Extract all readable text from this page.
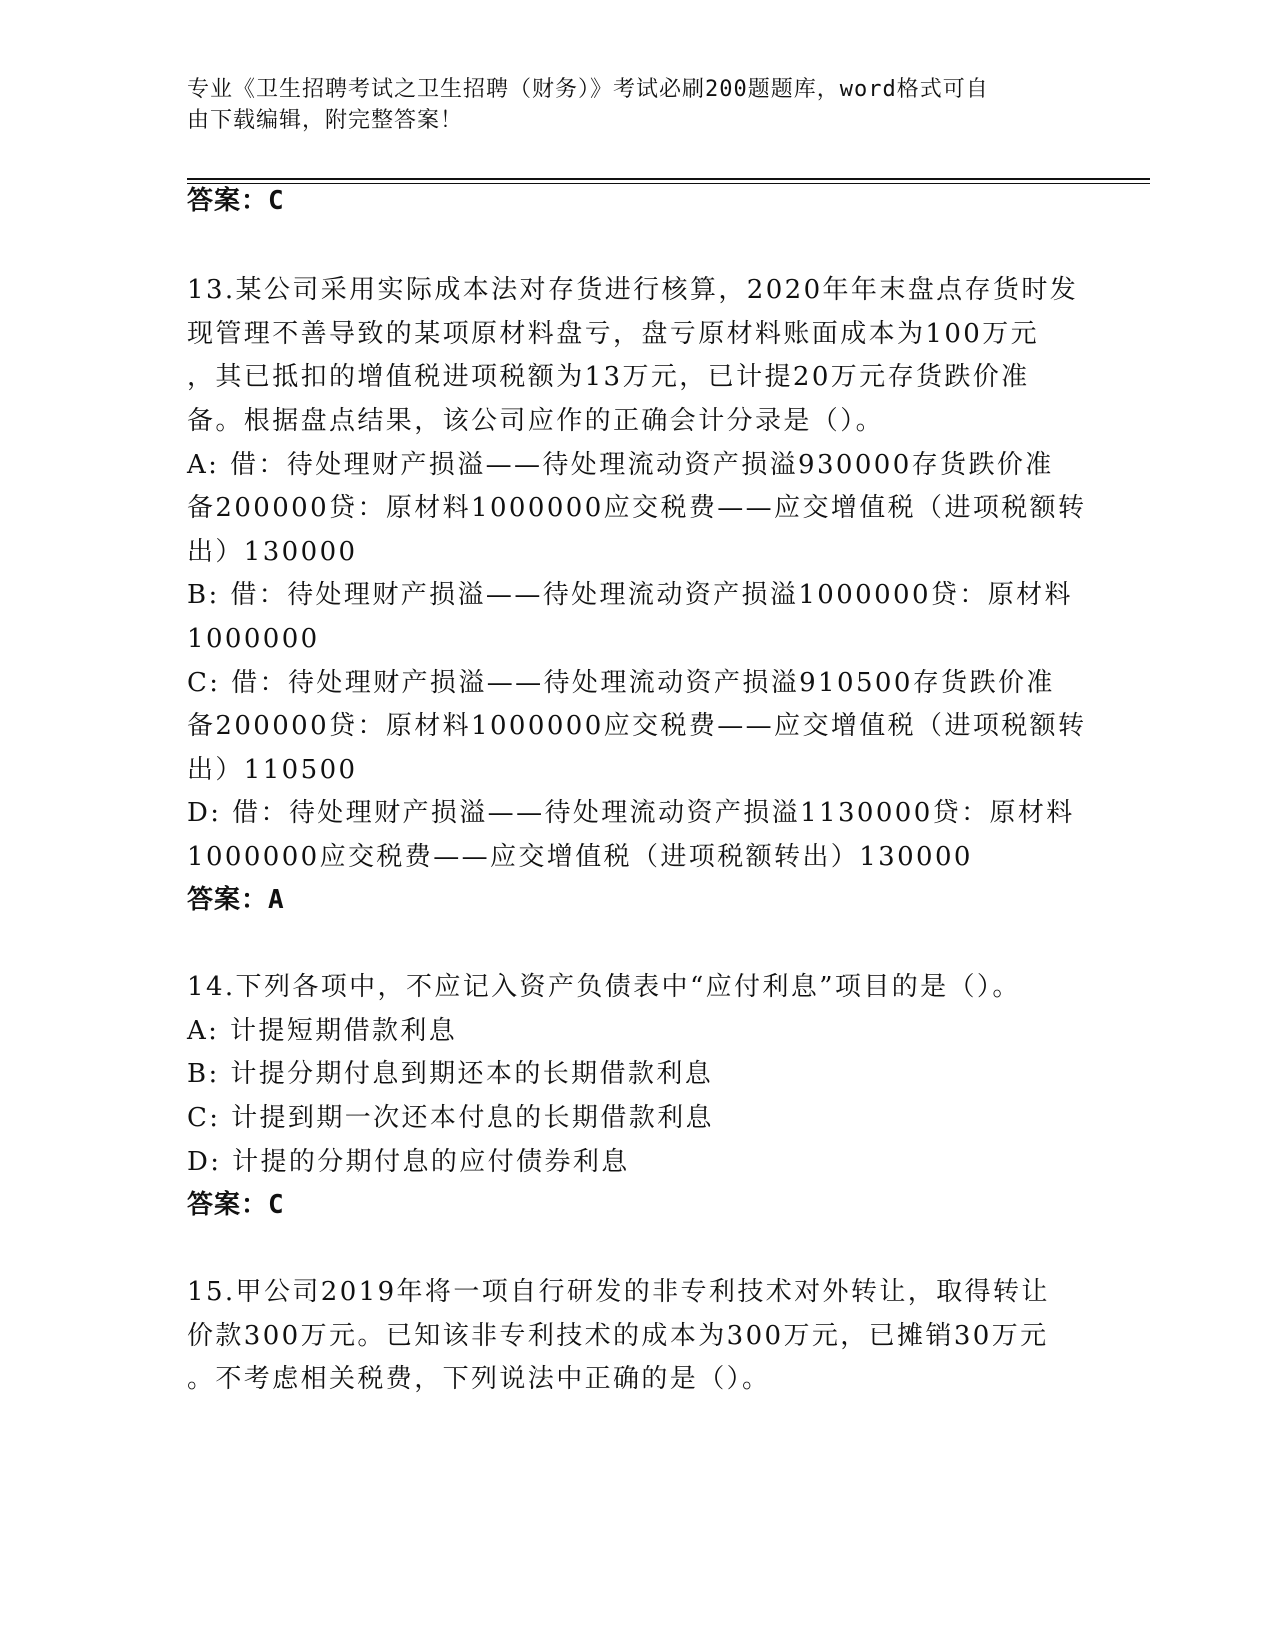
专业《卫生招聘考试之卫生招聘（财务）》考试必刷200题题库，word格式可自
由下载编辑，附完整答案！
答案：C
13.某公司采用实际成本法对存货进行核算，2020年年末盘点存货时发
现管理不善导致的某项原材料盘亏，盘亏原材料账面成本为100万元
，其已抵扣的增值税进项税额为13万元，已计提20万元存货跌价准
备。根据盘点结果，该公司应作的正确会计分录是（）。
A: 借：待处理财产损溢——待处理流动资产损溢930000存货跌价准
备200000贷：原材料1000000应交税费——应交增值税（进项税额转
出）130000
B: 借：待处理财产损溢——待处理流动资产损溢1000000贷：原材料
1000000
C: 借：待处理财产损溢——待处理流动资产损溢910500存货跌价准
备200000贷：原材料1000000应交税费——应交增值税（进项税额转
出）110500
D: 借：待处理财产损溢——待处理流动资产损溢1130000贷：原材料
1000000应交税费——应交增值税（进项税额转出）130000
答案：A
14.下列各项中，不应记入资产负债表中“应付利息”项目的是（）。
A: 计提短期借款利息
B: 计提分期付息到期还本的长期借款利息
C: 计提到期一次还本付息的长期借款利息
D: 计提的分期付息的应付债券利息
答案：C
15.甲公司2019年将一项自行研发的非专利技术对外转让，取得转让
价款300万元。已知该非专利技术的成本为300万元，已摊销30万元
。不考虑相关税费，下列说法中正确的是（）。
